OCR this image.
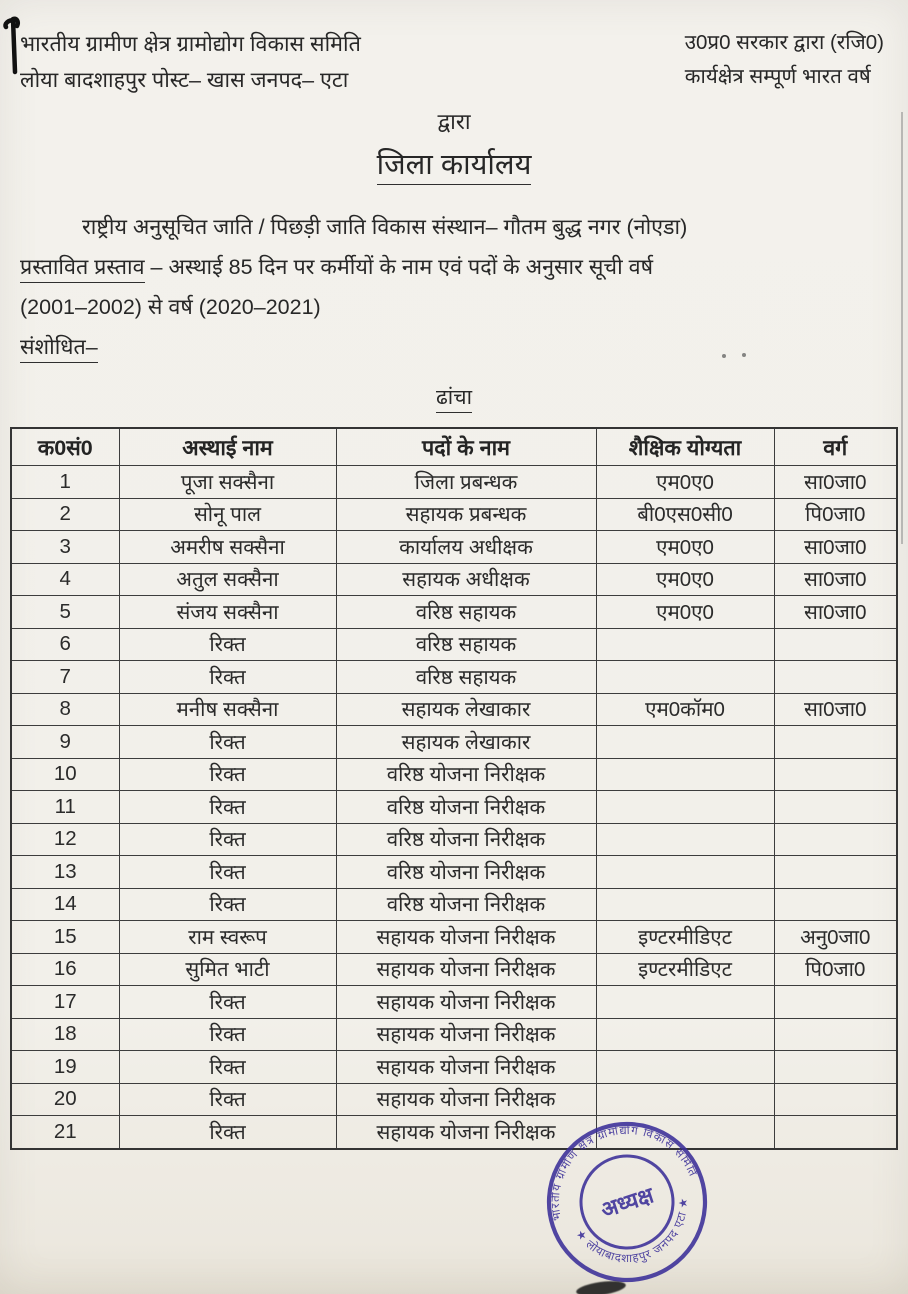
भारतीय ग्रामीण क्षेत्र ग्रामोद्योग विकास समिति
लोया बादशाहपुर पोस्ट– खास जनपद– एटा
उ0प्र0 सरकार द्वारा (रजि0)
कार्यक्षेत्र सम्पूर्ण भारत वर्ष
द्वारा
जिला कार्यालय

राष्ट्रीय अनुसूचित जाति / पिछड़ी जाति विकास संस्थान– गौतम बुद्ध नगर (नोएडा)

प्रस्तावित प्रस्ताव – अस्थाई 85 दिन पर कर्मीयों के नाम एवं पदों के अनुसार सूची वर्ष

(2001–2002) से वर्ष (2020–2021)

संशोधित–

ढांचा
क0सं0	अस्थाई नाम	पदों के नाम	शैक्षिक योग्यता	वर्ग
1	पूजा सक्सैना	जिला प्रबन्धक	एम0ए0	सा0जा0
2	सोनू पाल	सहायक प्रबन्धक	बी0एस0सी0	पि0जा0
3	अमरीष सक्सैना	कार्यालय अधीक्षक	एम0ए0	सा0जा0
4	अतुल सक्सैना	सहायक अधीक्षक	एम0ए0	सा0जा0
5	संजय सक्सैना	वरिष्ठ सहायक	एम0ए0	सा0जा0
6	रिक्त	वरिष्ठ सहायक		
7	रिक्त	वरिष्ठ सहायक		
8	मनीष सक्सैना	सहायक लेखाकार	एम0कॉम0	सा0जा0
9	रिक्त	सहायक लेखाकार		
10	रिक्त	वरिष्ठ योजना निरीक्षक		
11	रिक्त	वरिष्ठ योजना निरीक्षक		
12	रिक्त	वरिष्ठ योजना निरीक्षक		
13	रिक्त	वरिष्ठ योजना निरीक्षक		
14	रिक्त	वरिष्ठ योजना निरीक्षक		
15	राम स्वरूप	सहायक योजना निरीक्षक	इण्टरमीडिएट	अनु0जा0
16	सुमित भाटी	सहायक योजना निरीक्षक	इण्टरमीडिएट	पि0जा0
17	रिक्त	सहायक योजना निरीक्षक		
18	रिक्त	सहायक योजना निरीक्षक		
19	रिक्त	सहायक योजना निरीक्षक		
20	रिक्त	सहायक योजना निरीक्षक		
21	रिक्त	सहायक योजना निरीक्षक		
भारतीय ग्रामीण क्षेत्र ग्रामोद्योग विकास समिति
★ लोयाबादशाहपुर जनपद एटा ★
अध्यक्ष
